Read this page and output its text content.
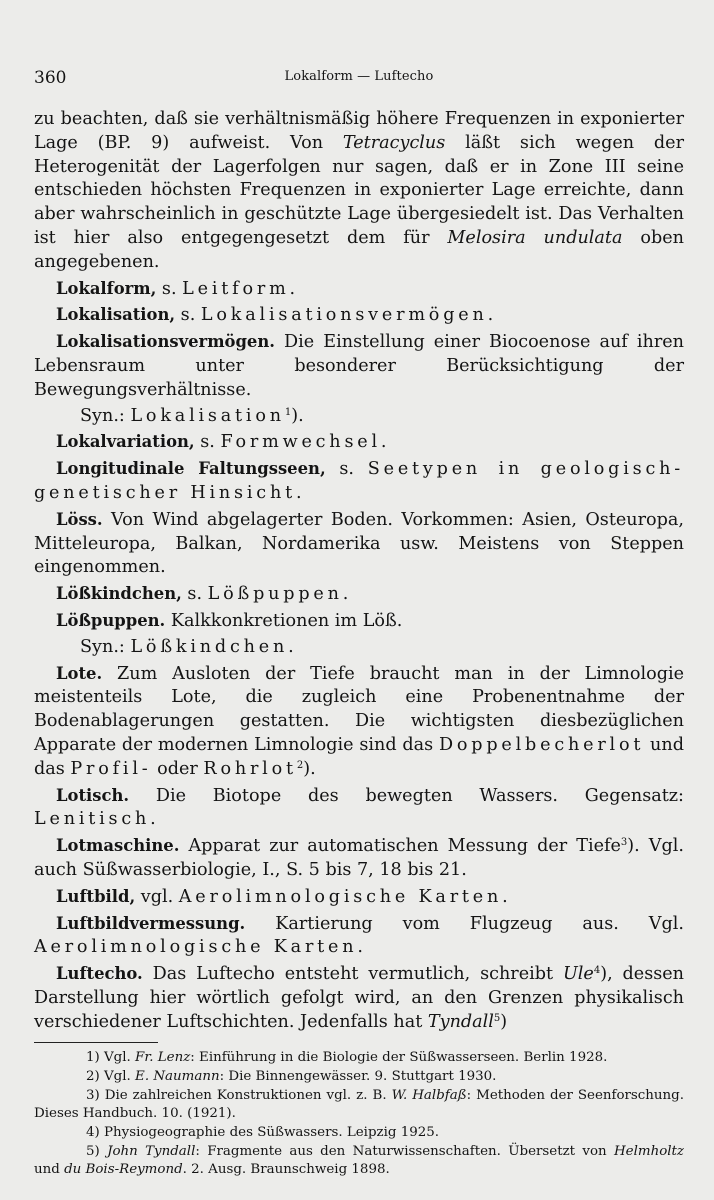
360	Lokalform — Luftecho

zu beachten, daß sie verhältnismäßig höhere Frequenzen in exponierter Lage (BP. 9) aufweist. Von Tetracyclus läßt sich wegen der Heterogenität der Lagerfolgen nur sagen, daß er in Zone III seine entschieden höchsten Frequenzen in exponierter Lage erreichte, dann aber wahrscheinlich in geschützte Lage übergesiedelt ist. Das Verhalten ist hier also entgegengesetzt dem für Melosira undulata oben angegebenen.

Lokalform, s. Leitform.

Lokalisation, s. Lokalisationsvermögen.

Lokalisationsvermögen. Die Einstellung einer Biocoenose auf ihren Lebensraum unter besonderer Berücksichtigung der Bewegungsverhältnisse.

Syn.: Lokalisation$^1$).

Lokalvariation, s. Formwechsel.

Longitudinale Faltungsseen, s. Seetypen in geologisch-genetischer Hinsicht.

Löss. Von Wind abgelagerter Boden. Vorkommen: Asien, Osteuropa, Mitteleuropa, Balkan, Nordamerika usw. Meistens von Steppen eingenommen.

Lößkindchen, s. Lößpuppen.

Lößpuppen. Kalkkonkretionen im Löß.

Syn.: Lößkindchen.

Lote. Zum Ausloten der Tiefe braucht man in der Limnologie meistenteils Lote, die zugleich eine Probenentnahme der Bodenablagerungen gestatten. Die wichtigsten diesbezüglichen Apparate der modernen Limnologie sind das Doppelbecherlot und das Profil- oder Rohrlot$^2$).

Lotisch. Die Biotope des bewegten Wassers. Gegensatz: Lenitisch.

Lotmaschine. Apparat zur automatischen Messung der Tiefe$^3$). Vgl. auch Süßwasserbiologie, I., S. 5 bis 7, 18 bis 21.

Luftbild, vgl. Aerolimnologische Karten.

Luftbildvermessung. Kartierung vom Flugzeug aus. Vgl. Aerolimnologische Karten.

Luftecho. Das Luftecho entsteht vermutlich, schreibt Ule$^4$), dessen Darstellung hier wörtlich gefolgt wird, an den Grenzen physikalisch verschiedener Luftschichten. Jedenfalls hat Tyndall$^5$)

1) Vgl. Fr. Lenz: Einführung in die Biologie der Süßwasserseen. Berlin 1928.

2) Vgl. E. Naumann: Die Binnengewässer. 9. Stuttgart 1930.

3) Die zahlreichen Konstruktionen vgl. z. B. W. Halbfaß: Methoden der Seenforschung. Dieses Handbuch. 10. (1921).

4) Physiogeographie des Süßwassers. Leipzig 1925.

5) John Tyndall: Fragmente aus den Naturwissenschaften. Übersetzt von Helmholtz und du Bois-Reymond. 2. Ausg. Braunschweig 1898.
